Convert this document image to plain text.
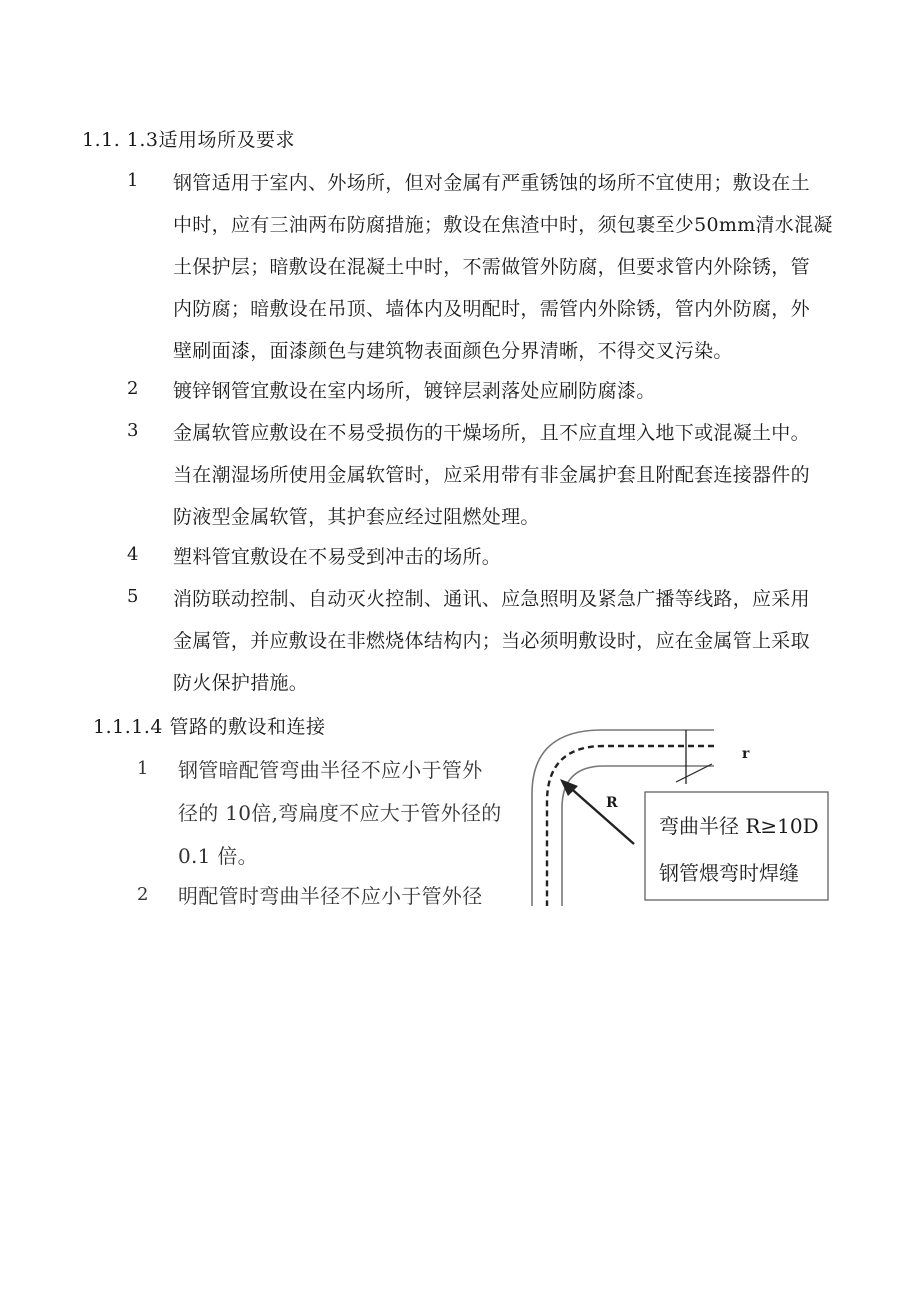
1.1. 1.3适用场所及要求
1 钢管适用于室内、外场所，但对金属有严重锈蚀的场所不宜使用；敷设在土
中时，应有三油两布防腐措施；敷设在焦渣中时，须包裹至少50mm清水混凝
土保护层；暗敷设在混凝土中时，不需做管外防腐，但要求管内外除锈，管
内防腐；暗敷设在吊顶、墙体内及明配时，需管内外除锈，管内外防腐，外
壁刷面漆，面漆颜色与建筑物表面颜色分界清晰，不得交叉污染。
2 镀锌钢管宜敷设在室内场所，镀锌层剥落处应刷防腐漆。
3 金属软管应敷设在不易受损伤的干燥场所，且不应直埋入地下或混凝土中。
当在潮湿场所使用金属软管时，应采用带有非金属护套且附配套连接器件的
防液型金属软管，其护套应经过阻燃处理。
4 塑料管宜敷设在不易受到冲击的场所。
5 消防联动控制、自动灭火控制、通讯、应急照明及紧急广播等线路，应采用
金属管，并应敷设在非燃烧体结构内；当必须明敷设时，应在金属管上采取
防火保护措施。
1.1.1.4 管路的敷设和连接
1 钢管暗配管弯曲半径不应小于管外
径的 10倍,弯扁度不应大于管外径的
0.1 倍。
2 明配管时弯曲半径不应小于管外径
R
r
弯曲半径 R≥10D
钢管煨弯时焊缝
